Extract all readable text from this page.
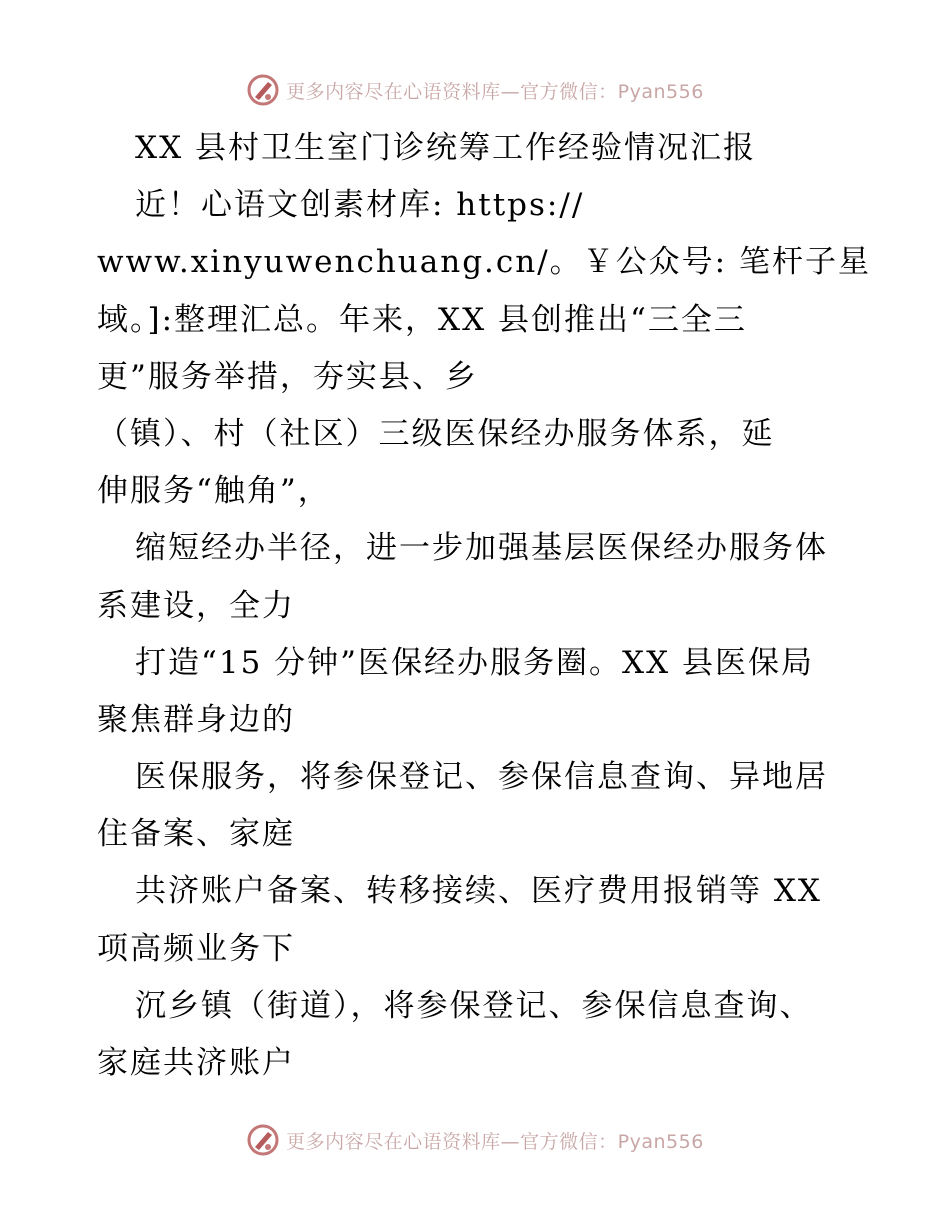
更多内容尽在心语资料库—官方微信：Pyan556
XX 县村卫生室门诊统筹工作经验情况汇报
近！心语文创素材库: https://
www.xinyuwenchuang.cn/。￥公众号: 笔杆子星
域。]:整理汇总。年来，XX 县创推出“三全三
更”服务举措，夯实县、乡
（镇）、村（社区）三级医保经办服务体系，延
伸服务“触角”，
缩短经办半径，进一步加强基层医保经办服务体
系建设，全力
打造“15 分钟”医保经办服务圈。XX 县医保局
聚焦群身边的
医保服务，将参保登记、参保信息查询、异地居
住备案、家庭
共济账户备案、转移接续、医疗费用报销等 XX
项高频业务下
沉乡镇（街道），将参保登记、参保信息查询、
家庭共济账户
更多内容尽在心语资料库—官方微信：Pyan556
